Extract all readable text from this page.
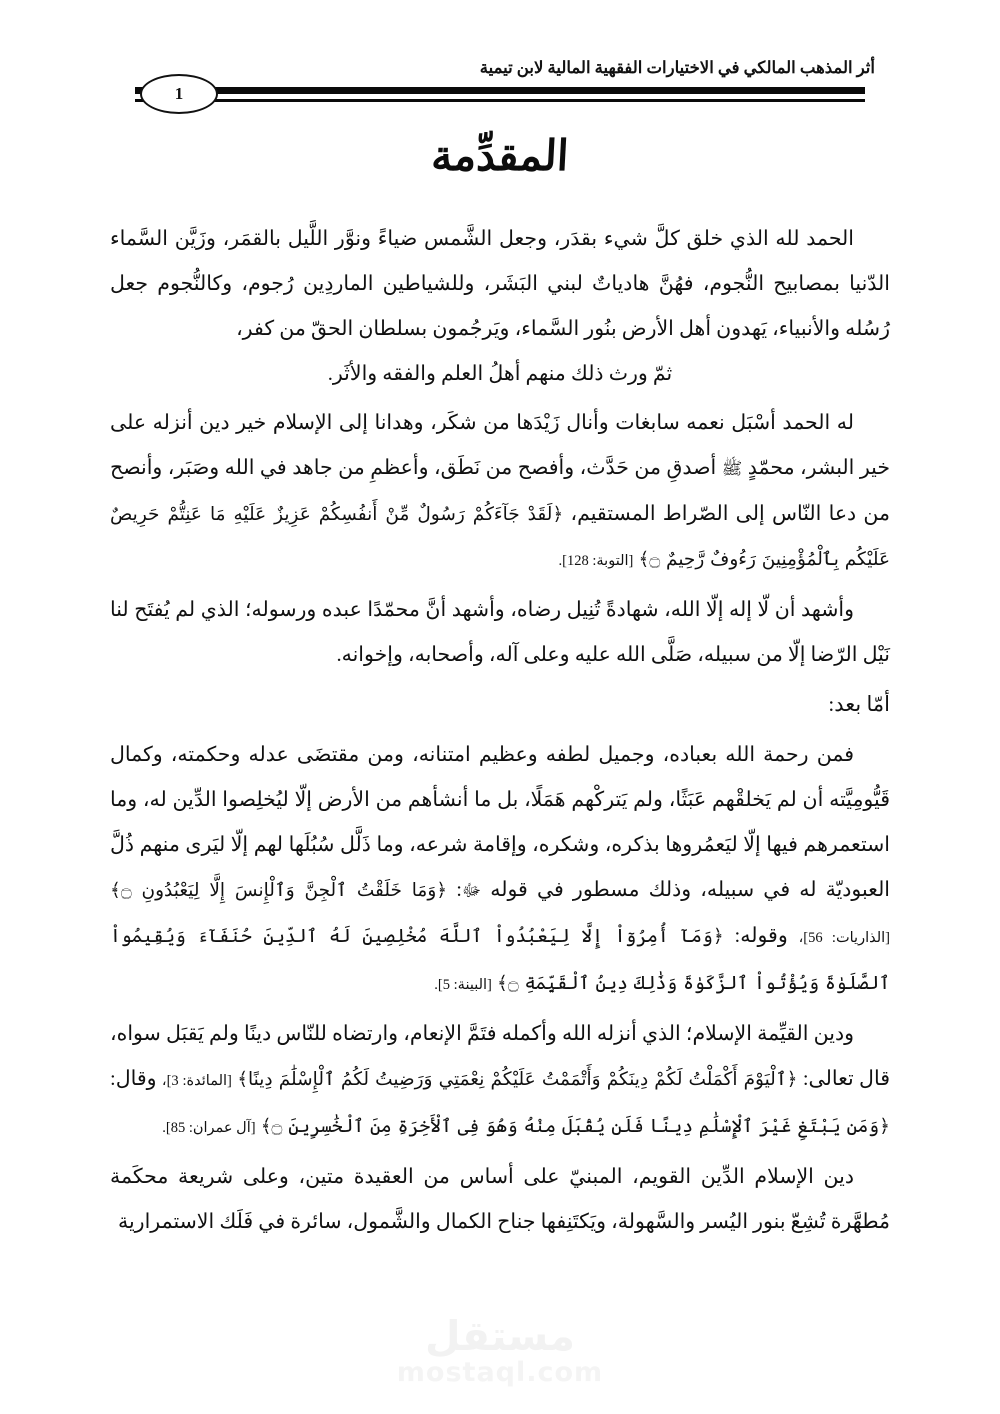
أثر المذهب المالكي في الاختيارات الفقهية المالية لابن تيمية
1
المقدِّمة

الحمد لله الذي خلق كلَّ شيء بقدَر، وجعل الشَّمس ضياءً ونوَّر اللَّيل بالقمَر، وزَيَّن السَّماء الدّنيا بمصابيح النُّجوم، فهُنَّ هادياتٌ لبني البَشَر، وللشياطين الماردِين رُجوم، وكالنُّجوم جعل رُسُله والأنبياء، يَهدون أهل الأرض بنُور السَّماء، ويَرجُمون بسلطان الحقّ من كفر،

ثمّ ورث ذلك منهم أهلُ العلم والفقه والأثَر.

له الحمد أسْبَل نعمه سابغات وأنال زَيْدَها من شكَر، وهدانا إلى الإسلام خير دين أنزله على خير البشر، محمّدٍ ﷺ أصدقِ من حَدَّث، وأفصح من نَطَق، وأعظمِ من جاهد في الله وصَبَر، وأنصح من دعا النّاس إلى الصّراط المستقيم، ﴿لَقَدْ جَآءَكُمْ رَسُولٌ مِّنْ أَنفُسِكُمْ عَزِيزٌ عَلَيْهِ مَا عَنِتُّمْ حَرِيصٌ عَلَيْكُم بِٱلْمُؤْمِنِينَ رَءُوفٌ رَّحِيمٌ ۝﴾ [التوبة: 128].

وأشهد أن لّا إله إلّا الله، شهادةً تُنِيل رضاه، وأشهد أنَّ محمّدًا عبده ورسوله؛ الذي لم يُفتَح لنا نَيْل الرّضا إلّا من سبيله، صَلَّى الله عليه وعلى آله، وأصحابه، وإخوانه.

أمّا بعد:

فمن رحمة الله بعباده، وجميل لطفه وعظيم امتنانه، ومن مقتضَى عدله وحكمته، وكمال قَيُّومِيَّته أن لم يَخلقْهم عَبَثًا، ولم يَتركْهم هَمَلًا، بل ما أنشأهم من الأرض إلّا ليُخلِصوا الدِّين له، وما استعمرهم فيها إلّا ليَعمُروها بذكره، وشكره، وإقامة شرعه، وما ذَلَّل سُبُلَها لهم إلّا ليَرى منهم ذُلَّ العبوديّة له في سبيله، وذلك مسطور في قوله ﷻ: ﴿وَمَا خَلَقْتُ ٱلْجِنَّ وَٱلْإِنسَ إِلَّا لِيَعْبُدُونِ ۝﴾ [الذاريات: 56]، وقوله: ﴿وَمَآ أُمِرُوٓاْ إِلَّا لِيَعْبُدُواْ ٱللَّهَ مُخْلِصِينَ لَهُ ٱلدِّينَ حُنَفَآءَ وَيُقِيمُواْ ٱلصَّلَوٰةَ وَيُؤْتُواْ ٱلزَّكَوٰةَ وَذَٰلِكَ دِينُ ٱلْقَيِّمَةِ ۝﴾ [البينة: 5].

ودين القيِّمة الإسلام؛ الذي أنزله الله وأكمله فتَمَّ الإنعام، وارتضاه للنّاس دينًا ولم يَقبَل سواه، قال تعالى: ﴿ٱلْيَوْمَ أَكْمَلْتُ لَكُمْ دِينَكُمْ وَأَتْمَمْتُ عَلَيْكُمْ نِعْمَتِي وَرَضِيتُ لَكُمُ ٱلْإِسْلَٰمَ دِينًا﴾ [المائدة: 3]، وقال: ﴿وَمَن يَبْتَغِ غَيْرَ ٱلْإِسْلَٰمِ دِينًا فَلَن يُقْبَلَ مِنْهُ وَهُوَ فِى ٱلْأَخِرَةِ مِنَ ٱلْخَٰسِرِينَ ۝﴾ [آل عمران: 85].

دين الإسلام الدِّين القويم، المبنيّ على أساس من العقيدة متين، وعلى شريعة محكَمة مُطهَّرة تُشِعّ بنور اليُسر والسَّهولة، ويَكتَنِفها جناح الكمال والشَّمول، سائرة في فَلَك الاستمرارية

مستقل
mostaql.com
